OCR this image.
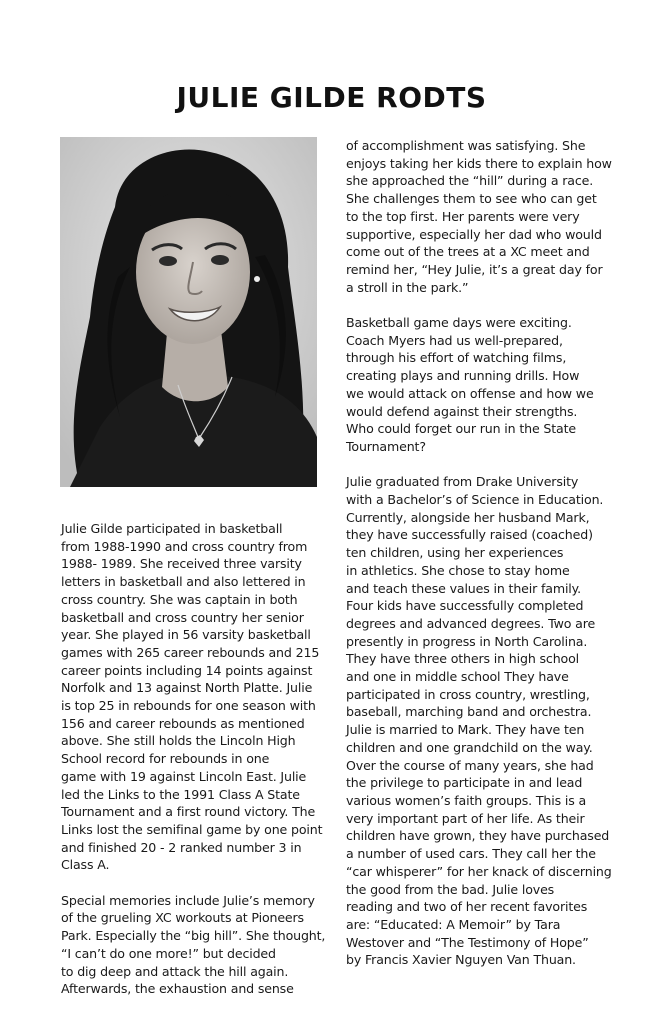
JULIE GILDE RODTS

Julie Gilde participated in basketball
from 1988-1990 and cross country from
1988- 1989. She received three varsity
letters in basketball and also lettered in
cross country. She was captain in both
basketball and cross country her senior
year. She played in 56 varsity basketball
games with 265 career rebounds and 215
career points including 14 points against
Norfolk and 13 against North Platte. Julie
is top 25 in rebounds for one season with
156 and career rebounds as mentioned
above. She still holds the Lincoln High
School record for rebounds in one
game with 19 against Lincoln East. Julie
led the Links to the 1991 Class A State
Tournament and a first round victory. The
Links lost the semifinal game by one point
and finished 20 - 2 ranked number 3 in
Class A.

Special memories include Julie’s memory
of the grueling XC workouts at Pioneers
Park. Especially the “big hill”. She thought,
“I can’t do one more!” but decided
to dig deep and attack the hill again.
Afterwards, the exhaustion and sense

of accomplishment was satisfying. She
enjoys taking her kids there to explain how
she approached the “hill” during a race.
She challenges them to see who can get
to the top first. Her parents were very
supportive, especially her dad who would
come out of the trees at a XC meet and
remind her, “Hey Julie, it’s a great day for
a stroll in the park.”

Basketball game days were exciting.
Coach Myers had us well-prepared,
through his effort of watching films,
creating plays and running drills. How
we would attack on offense and how we
would defend against their strengths.
Who could forget our run in the State
Tournament?

Julie graduated from Drake University
with a Bachelor’s of Science in Education.
Currently, alongside her husband Mark,
they have successfully raised (coached)
ten children, using her experiences
in athletics. She chose to stay home
and teach these values in their family.
Four kids have successfully completed
degrees and advanced degrees. Two are
presently in progress in North Carolina.
They have three others in high school
and one in middle school They have
participated in cross country, wrestling,
baseball, marching band and orchestra.
Julie is married to Mark. They have ten
children and one grandchild on the way.
Over the course of many years, she had
the privilege to participate in and lead
various women’s faith groups. This is a
very important part of her life. As their
children have grown, they have purchased
a number of used cars. They call her the
“car whisperer” for her knack of discerning
the good from the bad. Julie loves
reading and two of her recent favorites
are: “Educated: A Memoir” by Tara
Westover and “The Testimony of Hope”
by Francis Xavier Nguyen Van Thuan.
